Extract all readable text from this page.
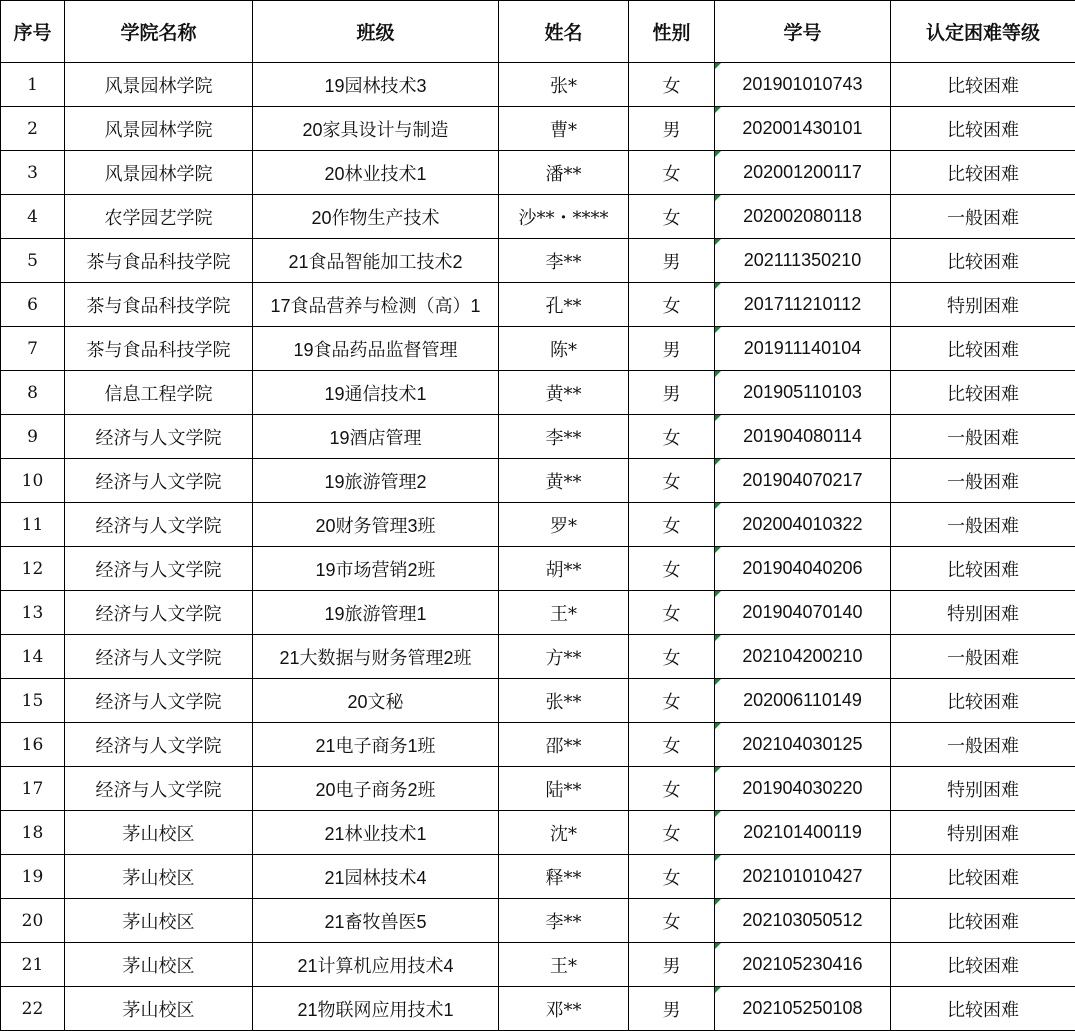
序号	学院名称	班级	姓名	性别	学号	认定困难等级
1	风景园林学院	19园林技术3	张*	女	201901010743	比较困难
2	风景园林学院	20家具设计与制造	曹*	男	202001430101	比较困难
3	风景园林学院	20林业技术1	潘**	女	202001200117	比较困难
4	农学园艺学院	20作物生产技术	沙**・****	女	202002080118	一般困难
5	茶与食品科技学院	21食品智能加工技术2	李**	男	202111350210	比较困难
6	茶与食品科技学院	17食品营养与检测（高）1	孔**	女	201711210112	特别困难
7	茶与食品科技学院	19食品药品监督管理	陈*	男	201911140104	比较困难
8	信息工程学院	19通信技术1	黄**	男	201905110103	比较困难
9	经济与人文学院	19酒店管理	李**	女	201904080114	一般困难
10	经济与人文学院	19旅游管理2	黄**	女	201904070217	一般困难
11	经济与人文学院	20财务管理3班	罗*	女	202004010322	一般困难
12	经济与人文学院	19市场营销2班	胡**	女	201904040206	比较困难
13	经济与人文学院	19旅游管理1	王*	女	201904070140	特别困难
14	经济与人文学院	21大数据与财务管理2班	方**	女	202104200210	一般困难
15	经济与人文学院	20文秘	张**	女	202006110149	比较困难
16	经济与人文学院	21电子商务1班	邵**	女	202104030125	一般困难
17	经济与人文学院	20电子商务2班	陆**	女	201904030220	特别困难
18	茅山校区	21林业技术1	沈*	女	202101400119	特别困难
19	茅山校区	21园林技术4	释**	女	202101010427	比较困难
20	茅山校区	21畜牧兽医5	李**	女	202103050512	比较困难
21	茅山校区	21计算机应用技术4	王*	男	202105230416	比较困难
22	茅山校区	21物联网应用技术1	邓**	男	202105250108	比较困难
